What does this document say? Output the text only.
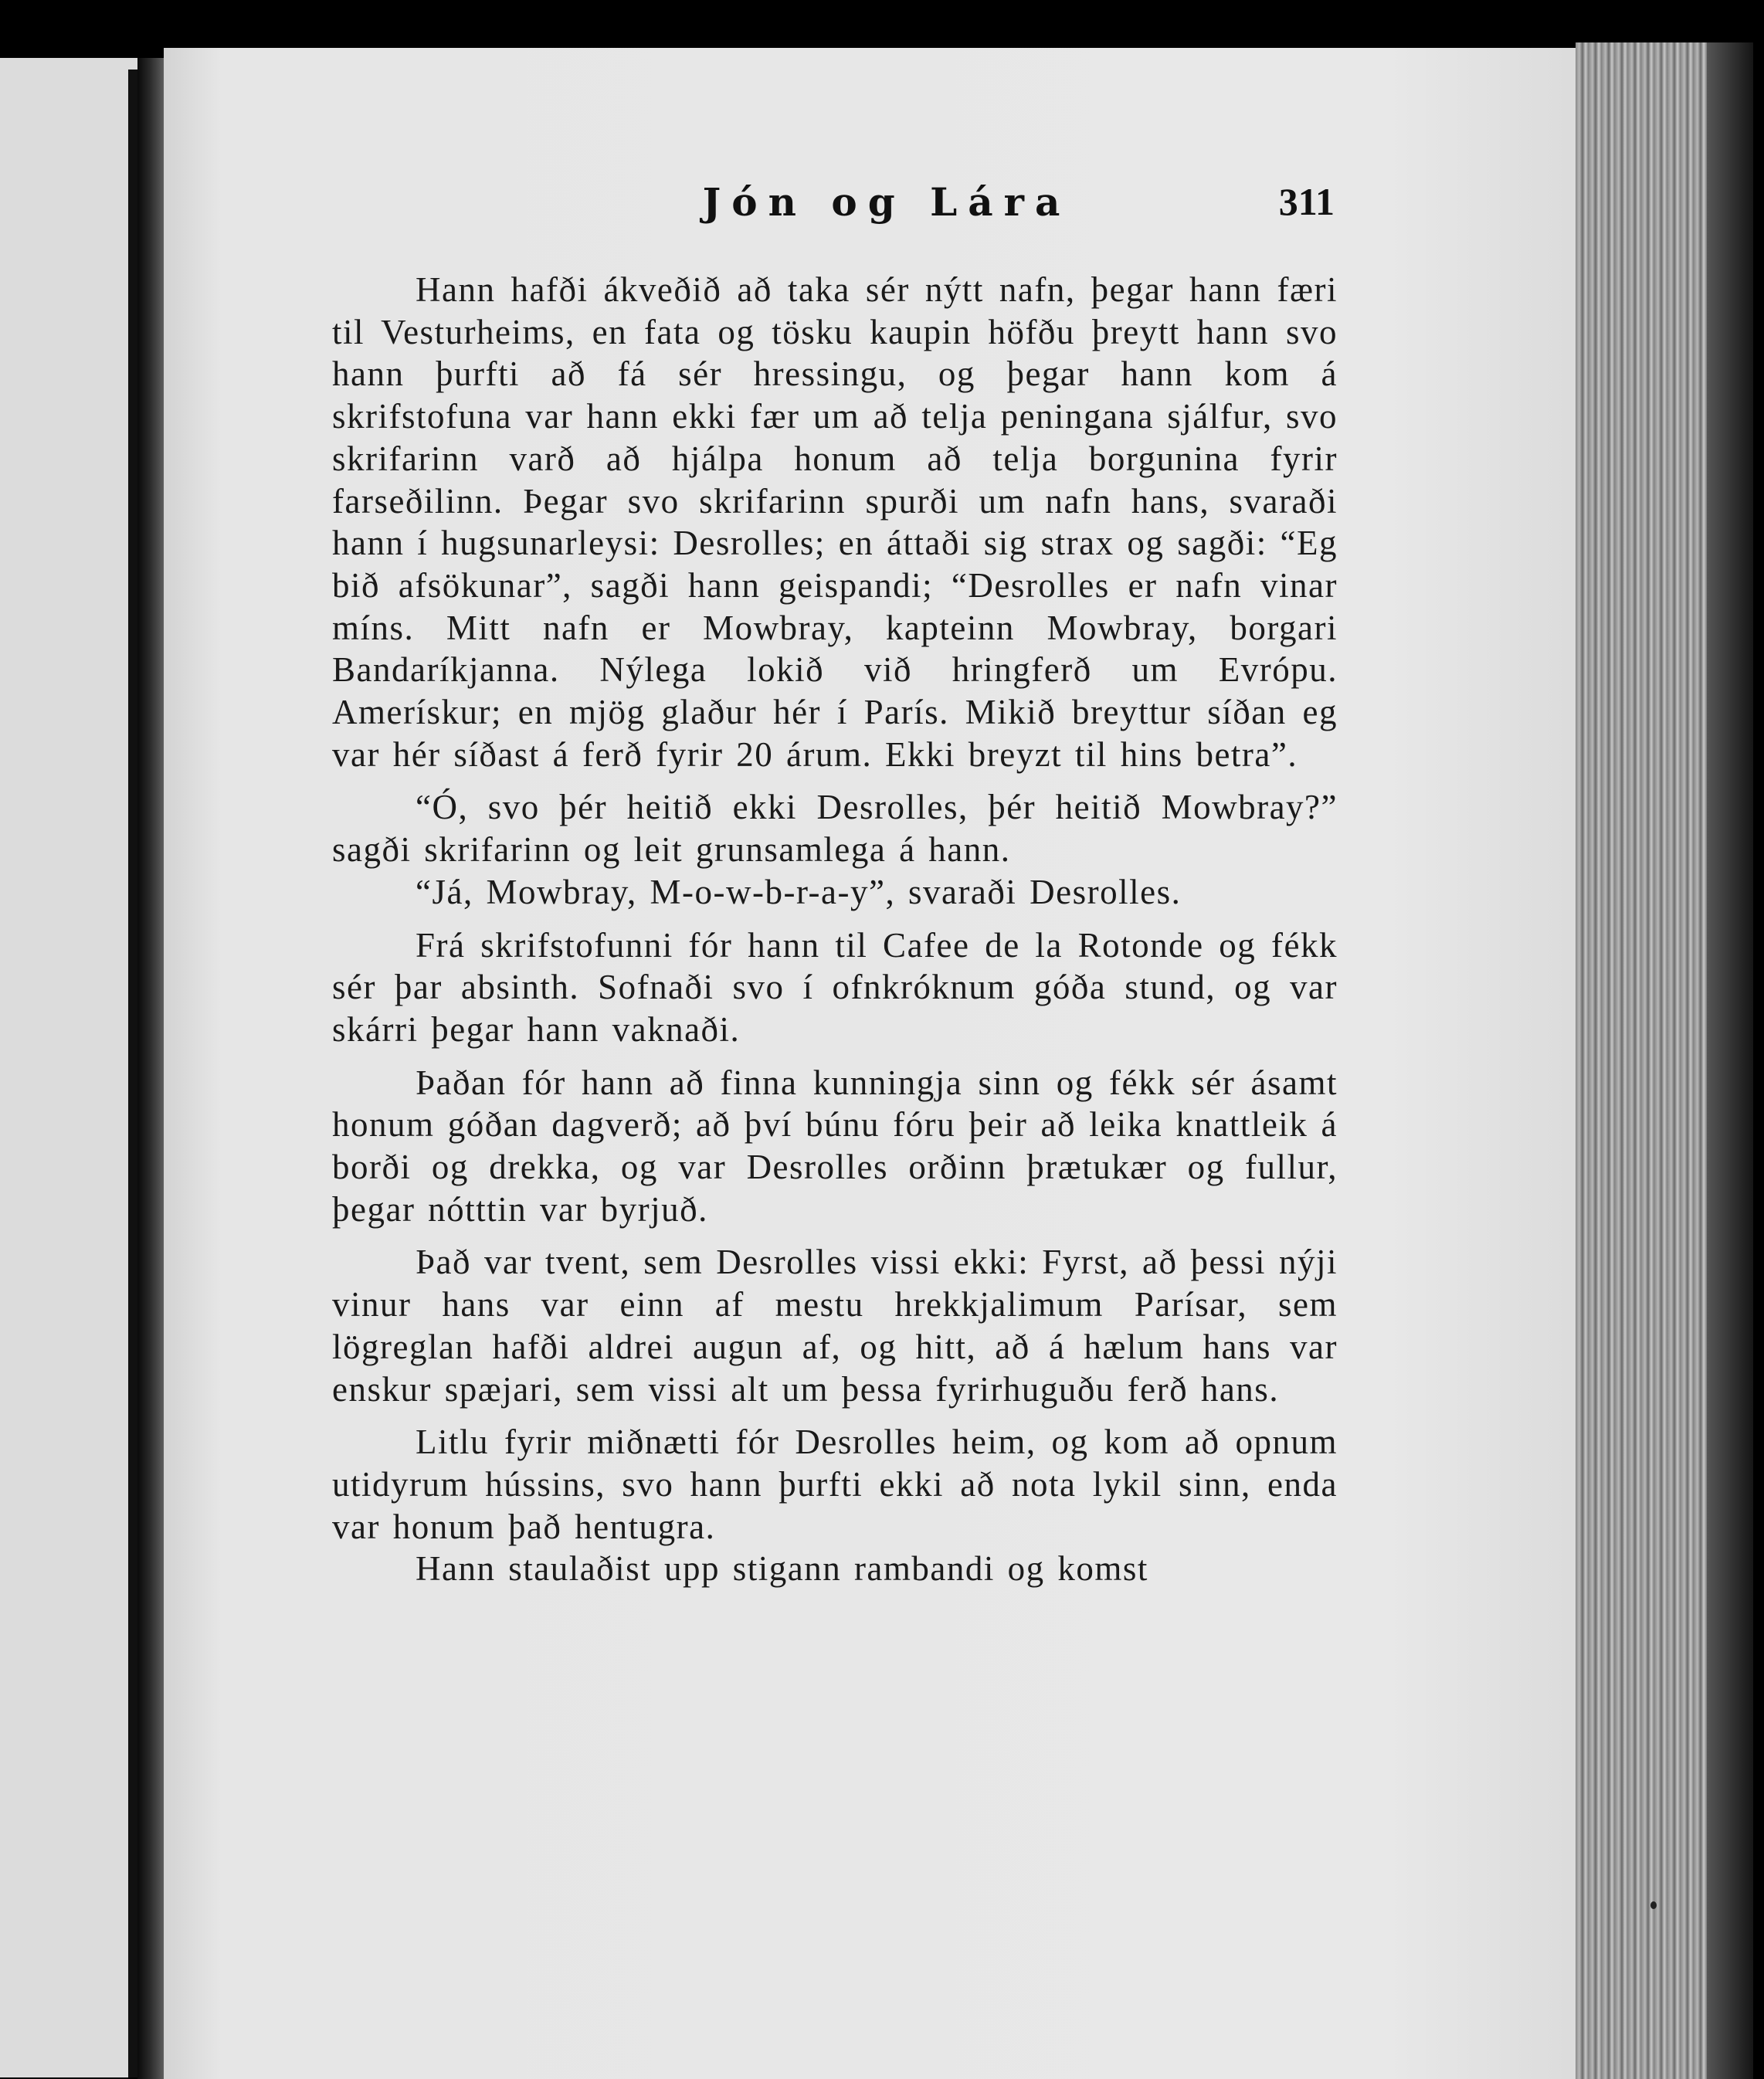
Jón og Lára	311

Hann hafði ákveðið að taka sér nýtt nafn, þegar hann færi til Vesturheims, en fata og tösku kaupin höfðu þreytt hann svo hann þurfti að fá sér hressingu, og þegar hann kom á skrifstofuna var hann ekki fær um að telja peningana sjálfur, svo skrifarinn varð að hjálpa honum að telja borgunina fyrir farseðilinn. Þegar svo skrifarinn spurði um nafn hans, svaraði hann í hugsunarleysi: Desrolles; en áttaði sig strax og sagði: “Eg bið afsökunar”, sagði hann geispandi; “Desrolles er nafn vinar míns. Mitt nafn er Mowbray, kapteinn Mowbray, borgari Bandaríkjanna. Nýlega lokið við hringferð um Evrópu. Amerískur; en mjög glaður hér í París. Mikið breyttur síðan eg var hér síðast á ferð fyrir 20 árum. Ekki breyzt til hins betra”.

“Ó, svo þér heitið ekki Desrolles, þér heitið Mowbray?” sagði skrifarinn og leit grunsamlega á hann.

“Já, Mowbray, M-o-w-b-r-a-y”, svaraði Desrolles.

Frá skrifstofunni fór hann til Cafee de la Rotonde og fékk sér þar absinth. Sofnaði svo í ofnkróknum góða stund, og var skárri þegar hann vaknaði.

Þaðan fór hann að finna kunningja sinn og fékk sér ásamt honum góðan dagverð; að því búnu fóru þeir að leika knattleik á borði og drekka, og var Desrolles orðinn þrætukær og fullur, þegar nótttin var byrjuð.

Það var tvent, sem Desrolles vissi ekki: Fyrst, að þessi nýji vinur hans var einn af mestu hrekkjalimum Parísar, sem lögreglan hafði aldrei augun af, og hitt, að á hælum hans var enskur spæjari, sem vissi alt um þessa fyrirhuguðu ferð hans.

Litlu fyrir miðnætti fór Desrolles heim, og kom að opnum utidyrum hússins, svo hann þurfti ekki að nota lykil sinn, enda var honum það hentugra.

Hann staulaðist upp stigann rambandi og komst
